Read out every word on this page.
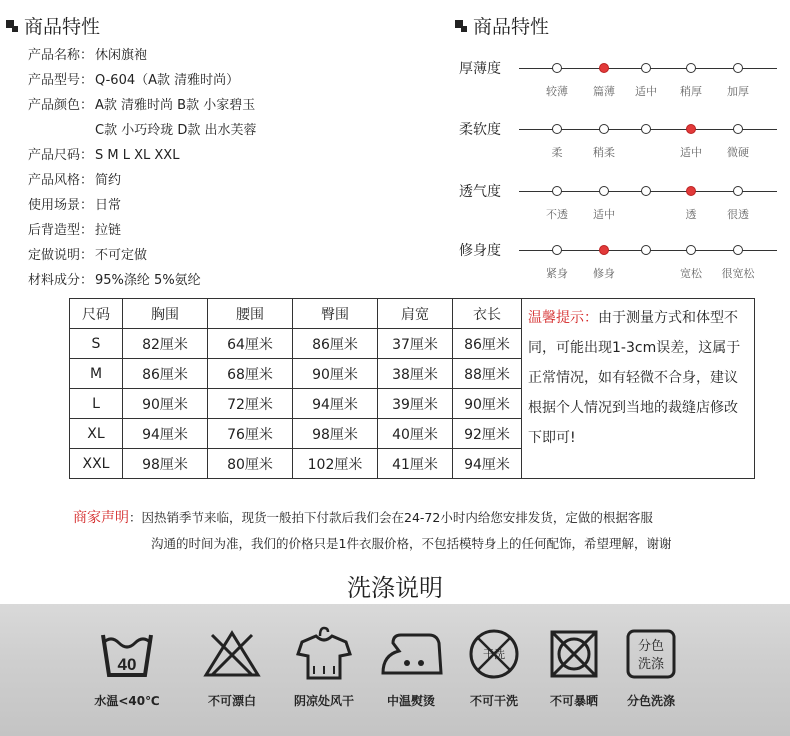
商品特性
产品名称： 休闲旗袍
产品型号： Q-604（A款 清雅时尚）
产品颜色： A款 清雅时尚 B款 小家碧玉
C款 小巧玲珑 D款 出水芙蓉
产品尺码： S M L XL XXL
产品风格： 简约
使用场景： 日常
后背造型： 拉链
定做说明： 不可定做
材料成分： 95%涤纶 5%氨纶
商品特性
厚薄度
较薄 篇薄 适中 稍厚 加厚
柔软度
柔	稍柔	适中 微硬
透气度
不透 适中	透	很透
修身度
紧身 修身	宽松 很宽松
尺码	胸围	腰围	臀围	肩宽	衣长	温馨提示：由于测量方式和体型不同，可能出现1-3cm误差，这属于正常情况，如有轻微不合身，建议根据个人情况到当地的裁缝店修改下即可!

S	82厘米	64厘米	86厘米	37厘米	86厘米	
M	86厘米	68厘米	90厘米	38厘米	88厘米	
L	90厘米	72厘米	94厘米	39厘米	90厘米	
XL	94厘米	76厘米	98厘米	40厘米	92厘米	
XXL	98厘米	80厘米	102厘米	41厘米	94厘米	
商家声明：因热销季节来临，现货一般拍下付款后我们会在24-72小时内给您安排发货，定做的根据客服
沟通的时间为准，我们的价格只是1件衣服价格，不包括模特身上的任何配饰，希望理解，谢谢
洗涤说明
40
水温<40℃	不可漂白	阴凉处风干	中温熨烫
干洗
不可干洗	不可暴晒
分色
洗涤
分色洗涤
